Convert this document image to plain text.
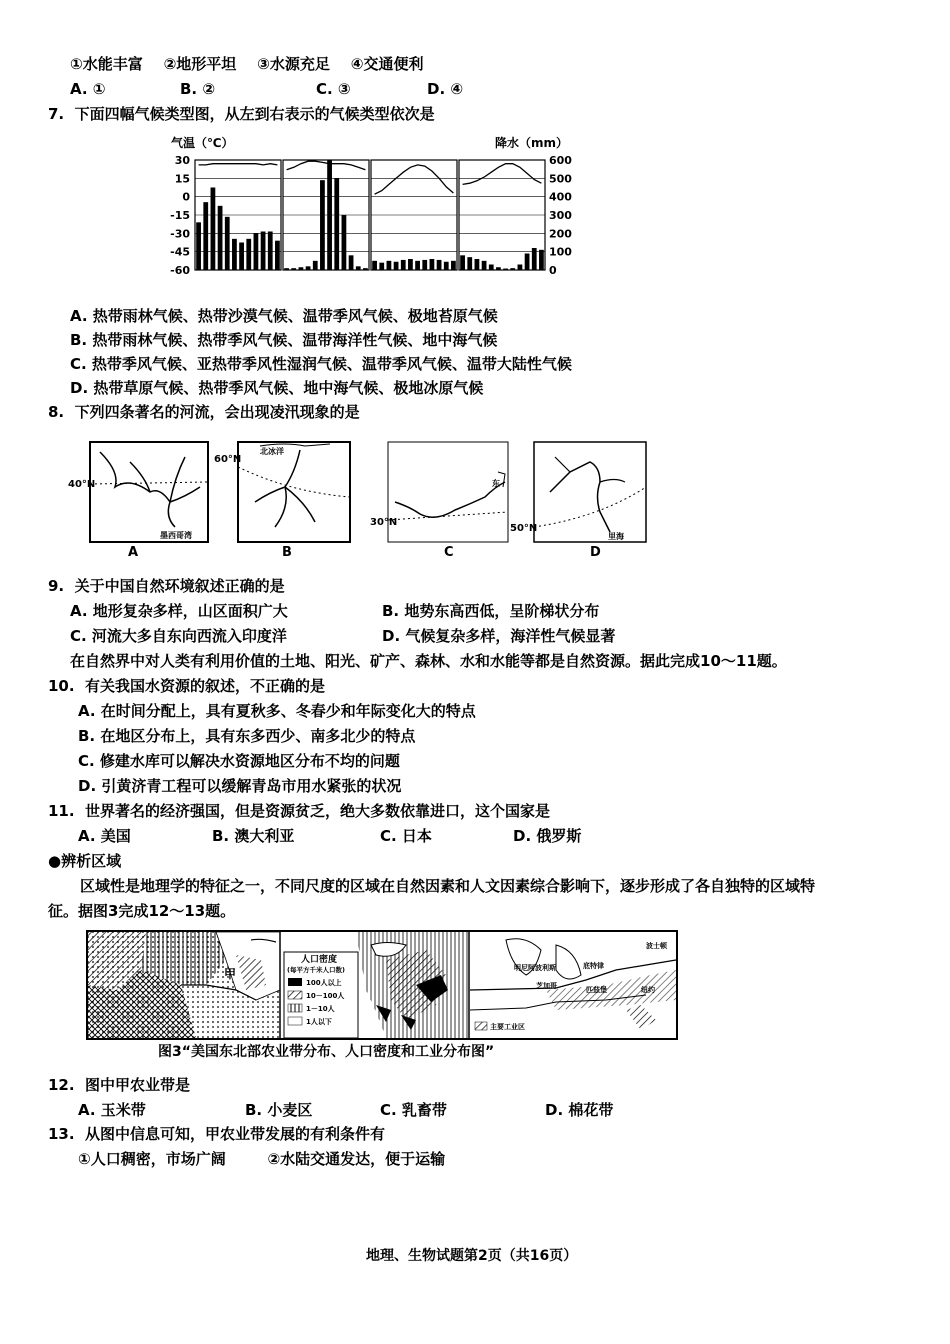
①水能丰富    ②地形平坦    ③水源充足    ④交通便利
A. ①	B. ②	C. ③	D. ④
7.  下面四幅气候类型图，从左到右表示的气候类型依次是
气温（℃）	降水（mm）
30
15
0
-15
-30
-45
-60
600
500
400
300
200
100
0
A. 热带雨林气候、热带沙漠气候、温带季风气候、极地苔原气候
B. 热带雨林气候、热带季风气候、温带海洋性气候、地中海气候
C. 热带季风气候、亚热带季风性湿润气候、温带季风气候、温带大陆性气候
D. 热带草原气候、热带季风气候、地中海气候、极地冰原气候
8.  下列四条著名的河流，会出现凌汛现象的是
40°N
墨西哥湾
A
60°N
北冰洋
B
30°N
东
C
50°N
里海
D
9.  关于中国自然环境叙述正确的是
A. 地形复杂多样，山区面积广大	B. 地势东高西低，呈阶梯状分布
C. 河流大多自东向西流入印度洋	D. 气候复杂多样，海洋性气候显著
在自然界中对人类有利用价值的土地、阳光、矿产、森林、水和水能等都是自然资源。据此完成10～11题。
10.  有关我国水资源的叙述，不正确的是
A. 在时间分配上，具有夏秋多、冬春少和年际变化大的特点
B. 在地区分布上，具有东多西少、南多北少的特点
C. 修建水库可以解决水资源地区分布不均的问题
D. 引黄济青工程可以缓解青岛市用水紧张的状况
11.  世界著名的经济强国，但是资源贫乏，绝大多数依靠进口，这个国家是
A. 美国	B. 澳大利亚	C. 日本	D. 俄罗斯
●辨析区域
区域性是地理学的特征之一，不同尺度的区域在自然因素和人文因素综合影响下，逐步形成了各自独特的区域特
征。据图3完成12～13题。
甲
人口密度
(每平方千米人口数)
100人以上
10－100人
1－10人
1人以下
明尼阿波利斯
芝加哥
底特律
匹兹堡
波士顿
纽约
主要工业区
图3“美国东北部农业带分布、人口密度和工业分布图”
12.  图中甲农业带是
A. 玉米带	B. 小麦区	C. 乳畜带	D. 棉花带
13.  从图中信息可知，甲农业带发展的有利条件有
①人口稠密，市场广阔        ②水陆交通发达，便于运输
地理、生物试题第2页（共16页）
